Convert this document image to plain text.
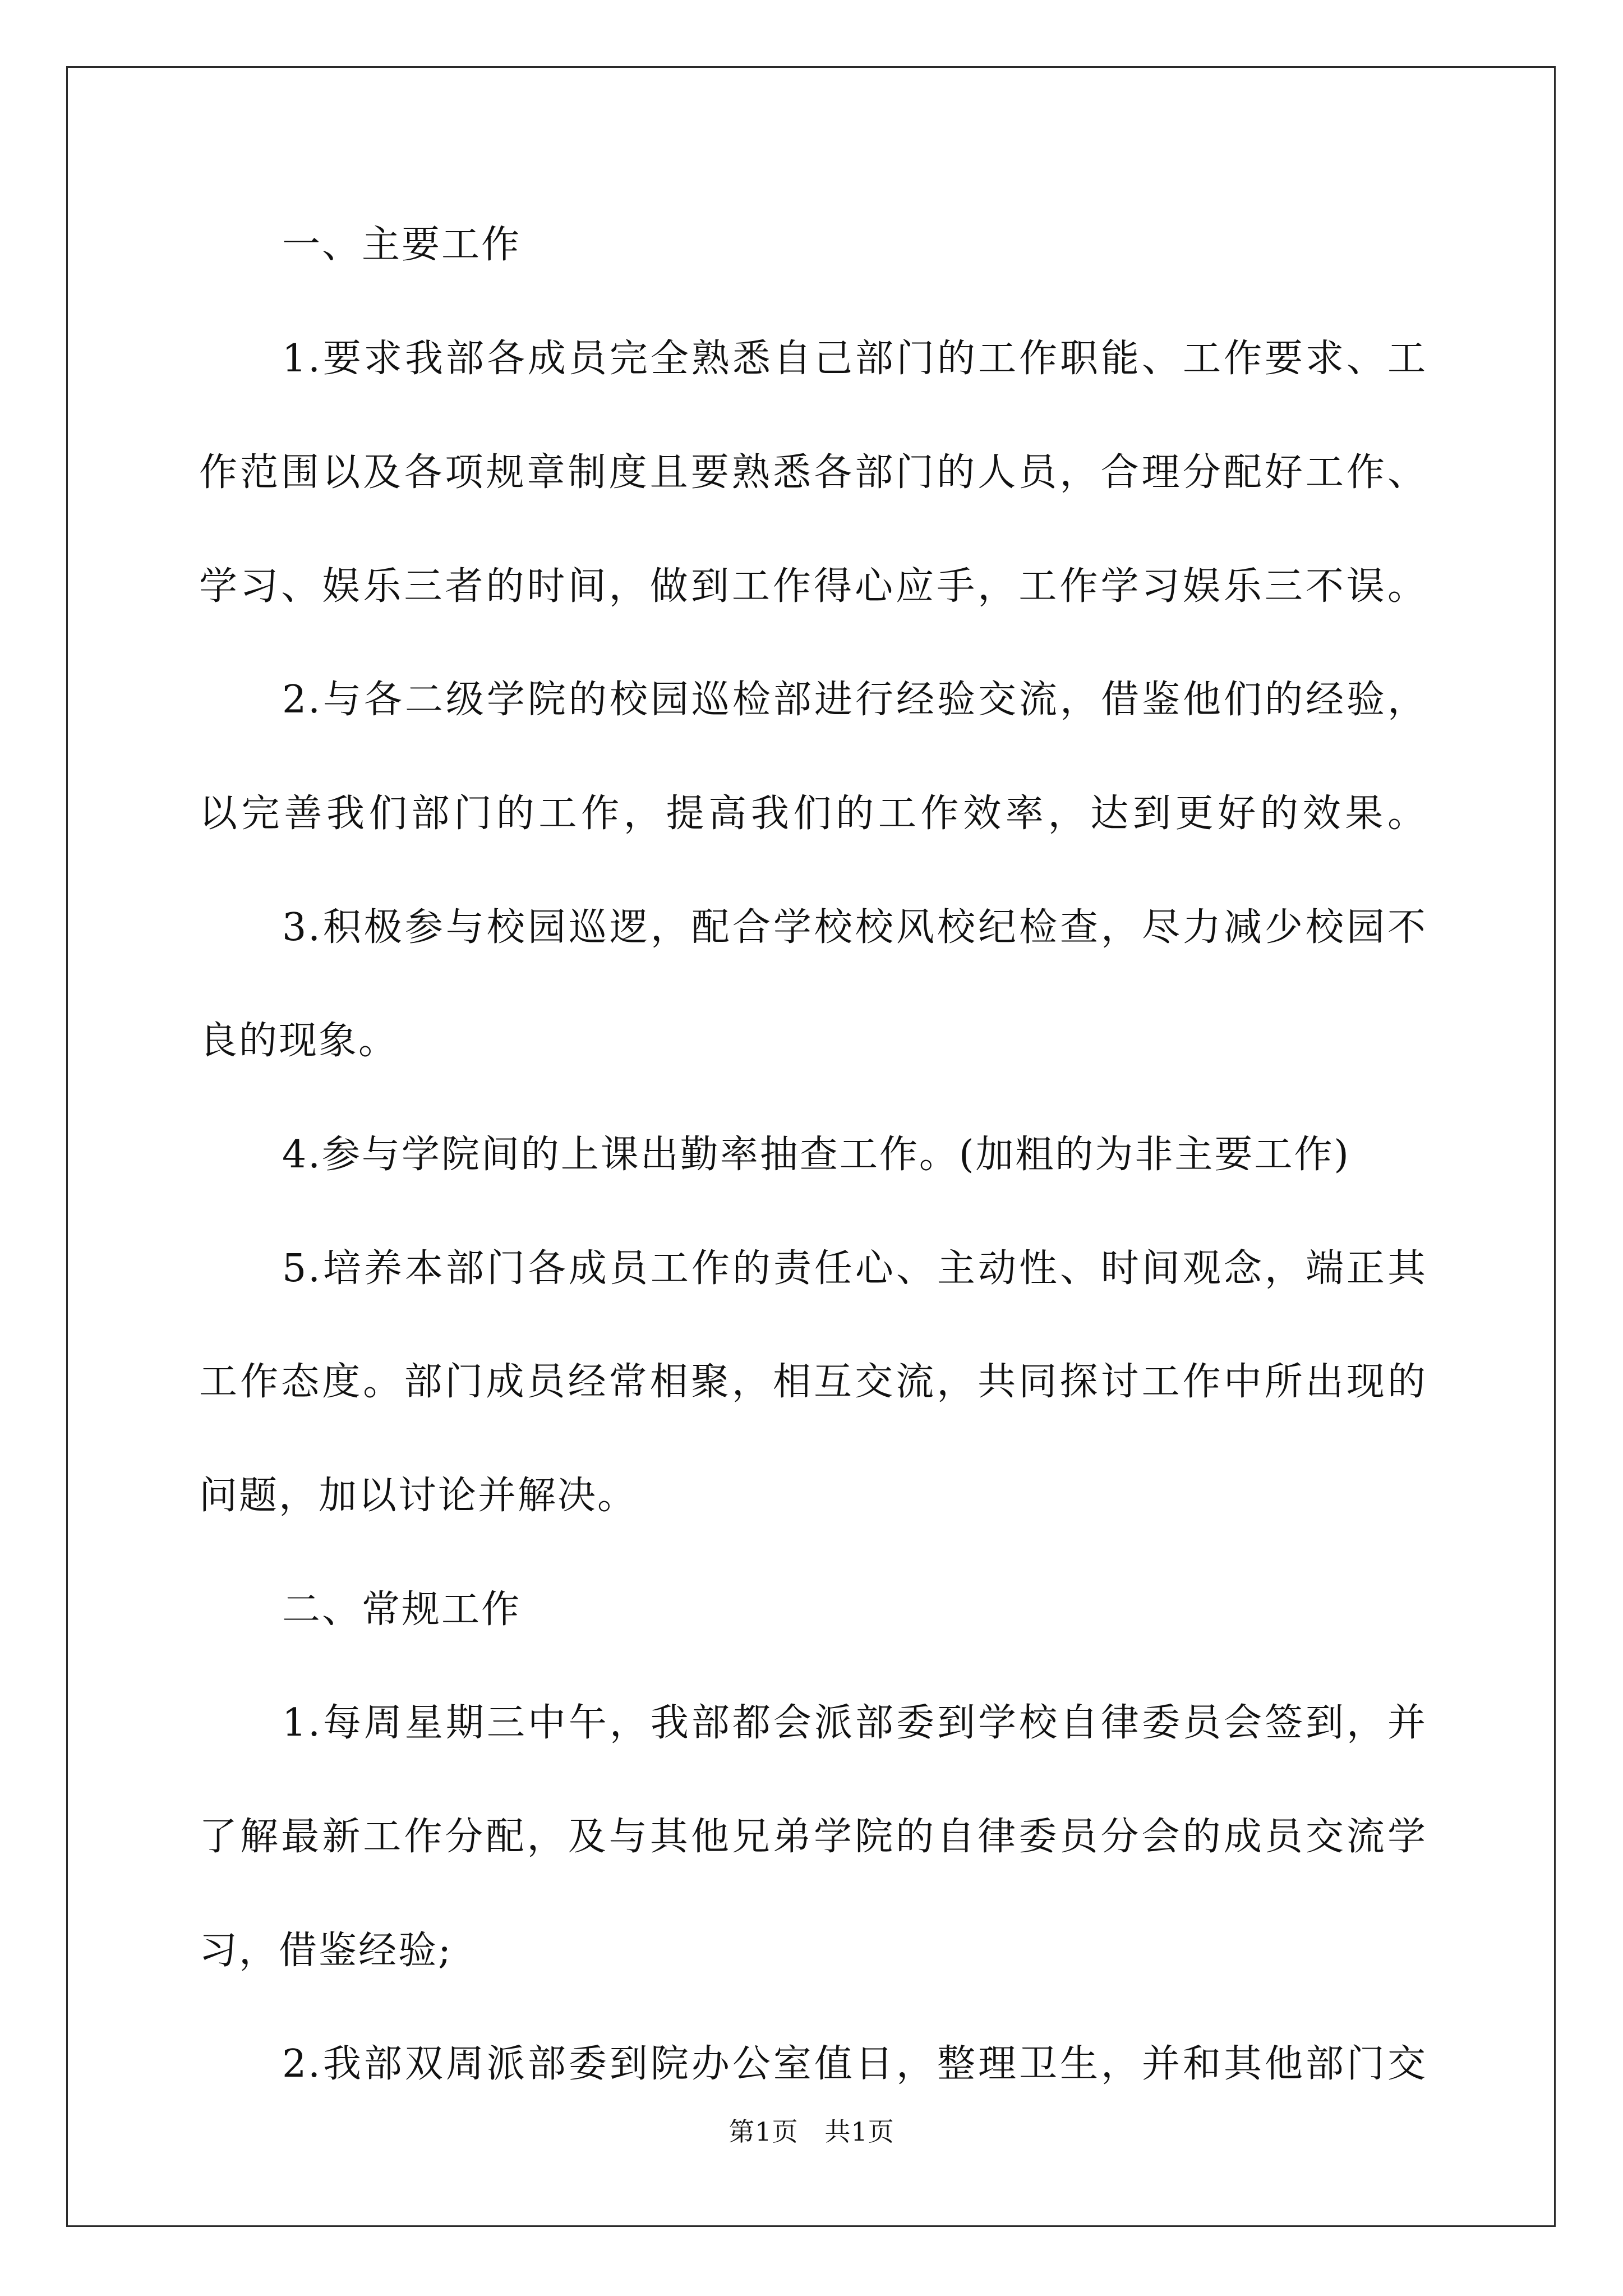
一、主要工作
1.要求我部各成员完全熟悉自己部门的工作职能、工作要求、工
作范围以及各项规章制度且要熟悉各部门的人员，合理分配好工作、
学习、娱乐三者的时间，做到工作得心应手，工作学习娱乐三不误。
2.与各二级学院的校园巡检部进行经验交流，借鉴他们的经验，
以完善我们部门的工作，提高我们的工作效率，达到更好的效果。
3.积极参与校园巡逻，配合学校校风校纪检查，尽力减少校园不
良的现象。
4.参与学院间的上课出勤率抽查工作。(加粗的为非主要工作)
5.培养本部门各成员工作的责任心、主动性、时间观念，端正其
工作态度。部门成员经常相聚，相互交流，共同探讨工作中所出现的
问题，加以讨论并解决。
二、常规工作
1.每周星期三中午，我部都会派部委到学校自律委员会签到，并
了解最新工作分配，及与其他兄弟学院的自律委员分会的成员交流学
习，借鉴经验;
2.我部双周派部委到院办公室值日，整理卫生，并和其他部门交
第1页   共1页
